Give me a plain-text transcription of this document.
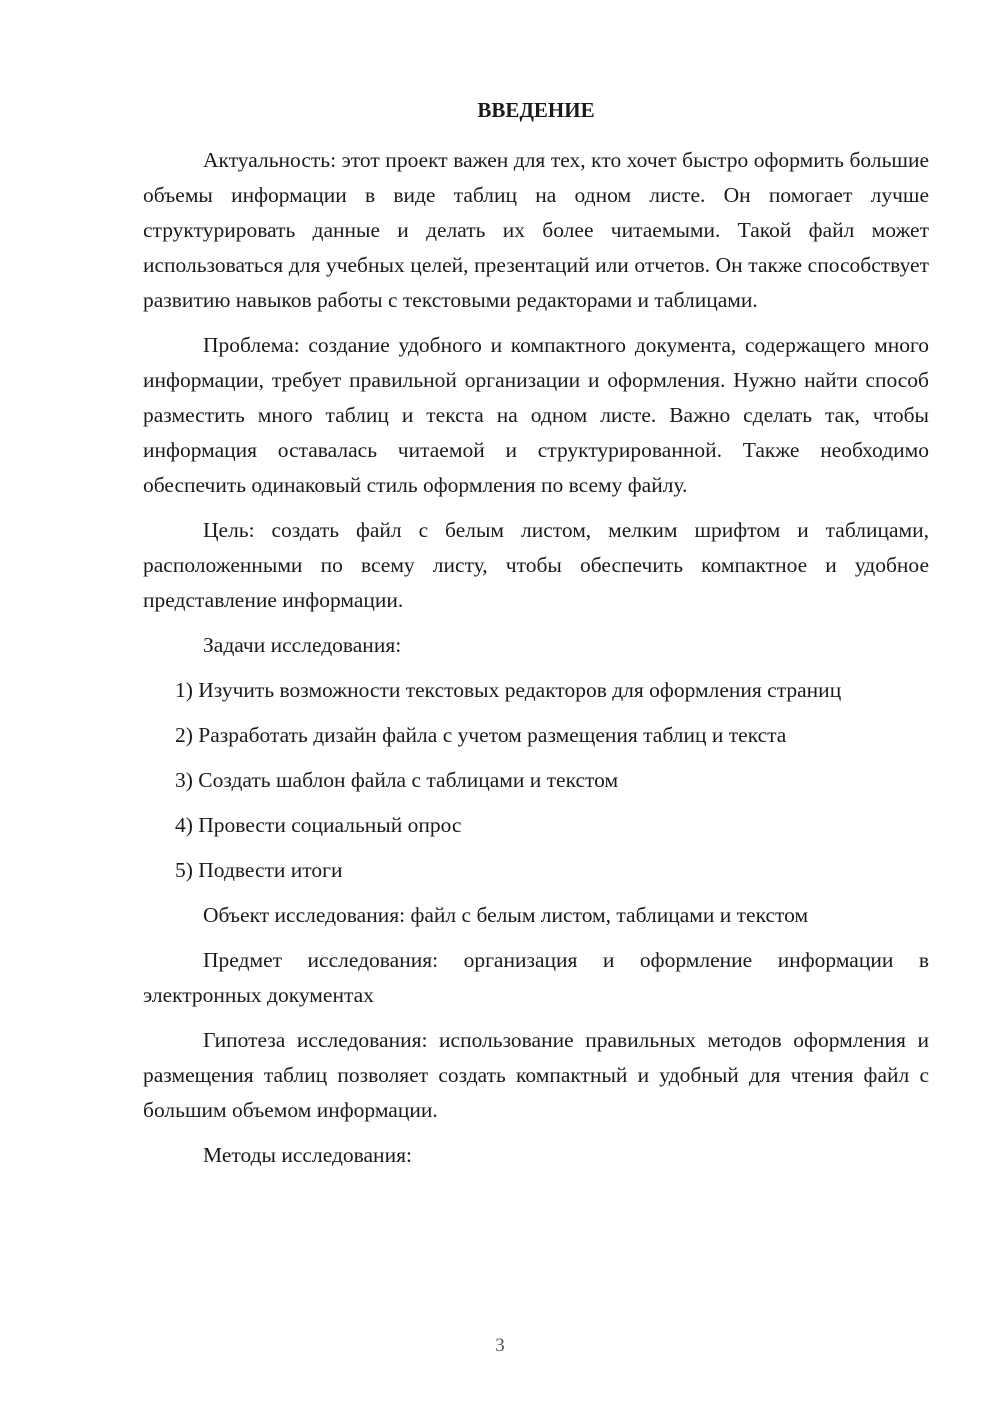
ВВЕДЕНИЕ

Актуальность: этот проект важен для тех, кто хочет быстро оформить большие объемы информации в виде таблиц на одном листе. Он помогает лучше структурировать данные и делать их более читаемыми. Такой файл может использоваться для учебных целей, презентаций или отчетов. Он также способствует развитию навыков работы с текстовыми редакторами и таблицами.

Проблема: создание удобного и компактного документа, содержащего много информации, требует правильной организации и оформления. Нужно найти способ разместить много таблиц и текста на одном листе. Важно сделать так, чтобы информация оставалась читаемой и структурированной. Также необходимо обеспечить одинаковый стиль оформления по всему файлу.

Цель: создать файл с белым листом, мелким шрифтом и таблицами, расположенными по всему листу, чтобы обеспечить компактное и удобное представление информации.

Задачи исследования:

1) Изучить возможности текстовых редакторов для оформления страниц

2) Разработать дизайн файла с учетом размещения таблиц и текста

3) Создать шаблон файла с таблицами и текстом

4) Провести социальный опрос

5) Подвести итоги

Объект исследования: файл с белым листом, таблицами и текстом

Предмет исследования: организация и оформление информации в электронных документах

Гипотеза исследования: использование правильных методов оформления и размещения таблиц позволяет создать компактный и удобный для чтения файл с большим объемом информации.

Методы исследования:

3
